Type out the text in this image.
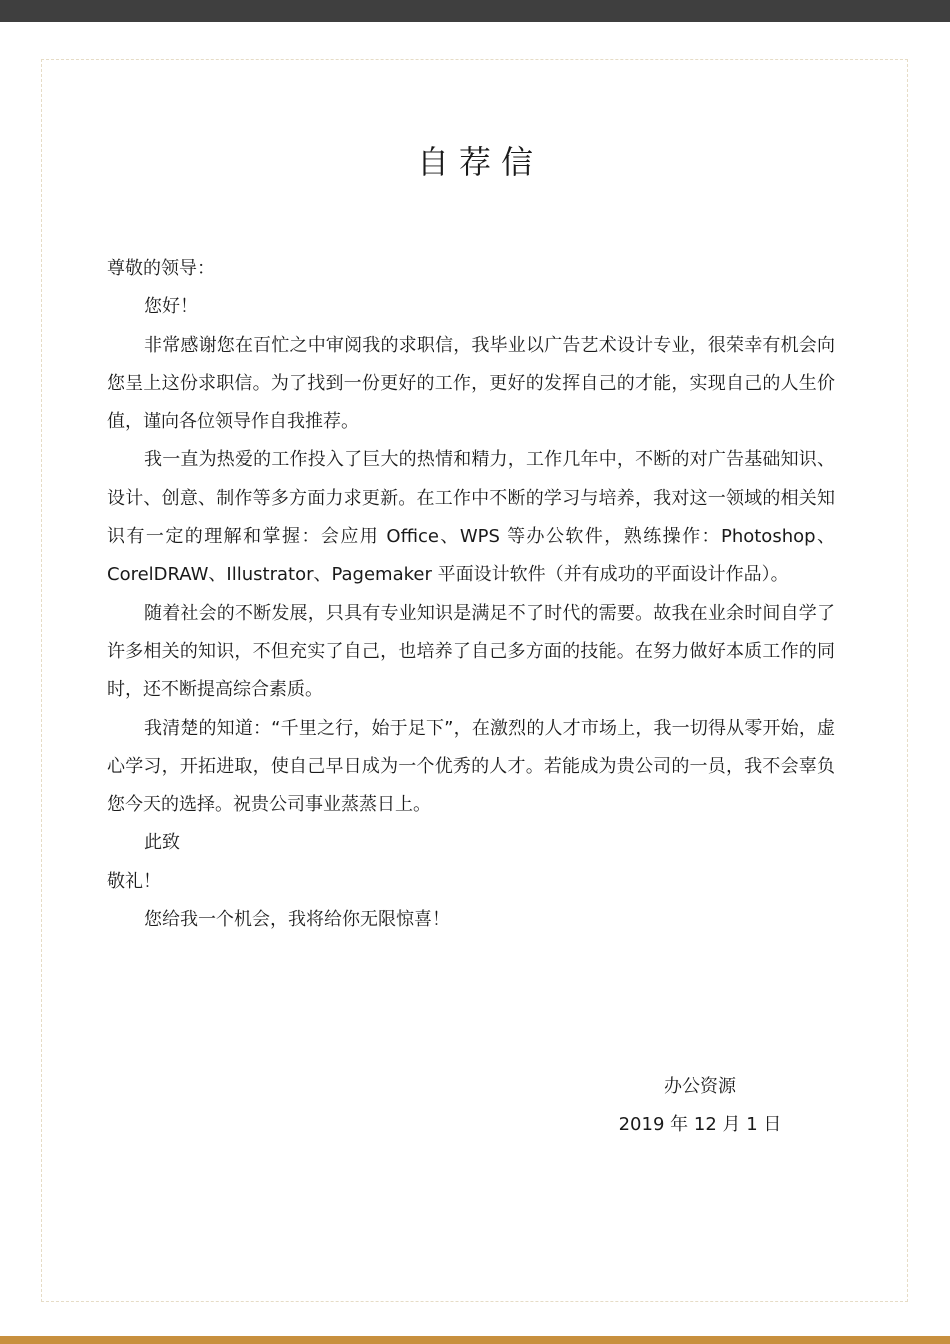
自荐信

尊敬的领导：

您好！

非常感谢您在百忙之中审阅我的求职信，我毕业以广告艺术设计专业，很荣幸有机会向您呈上这份求职信。为了找到一份更好的工作，更好的发挥自己的才能，实现自己的人生价值，谨向各位领导作自我推荐。

我一直为热爱的工作投入了巨大的热情和精力，工作几年中，不断的对广告基础知识、设计、创意、制作等多方面力求更新。在工作中不断的学习与培养，我对这一领域的相关知识有一定的理解和掌握：会应用 Office、WPS 等办公软件，熟练操作：Photoshop、CorelDRAW、Illustrator、Pagemaker 平面设计软件（并有成功的平面设计作品）。

随着社会的不断发展，只具有专业知识是满足不了时代的需要。故我在业余时间自学了许多相关的知识，不但充实了自己，也培养了自己多方面的技能。在努力做好本质工作的同时，还不断提高综合素质。

我清楚的知道：“千里之行，始于足下”，在激烈的人才市场上，我一切得从零开始，虚心学习，开拓进取，使自己早日成为一个优秀的人才。若能成为贵公司的一员，我不会辜负您今天的选择。祝贵公司事业蒸蒸日上。

此致

敬礼！

您给我一个机会，我将给你无限惊喜！

办公资源
2019 年 12 月 1 日
